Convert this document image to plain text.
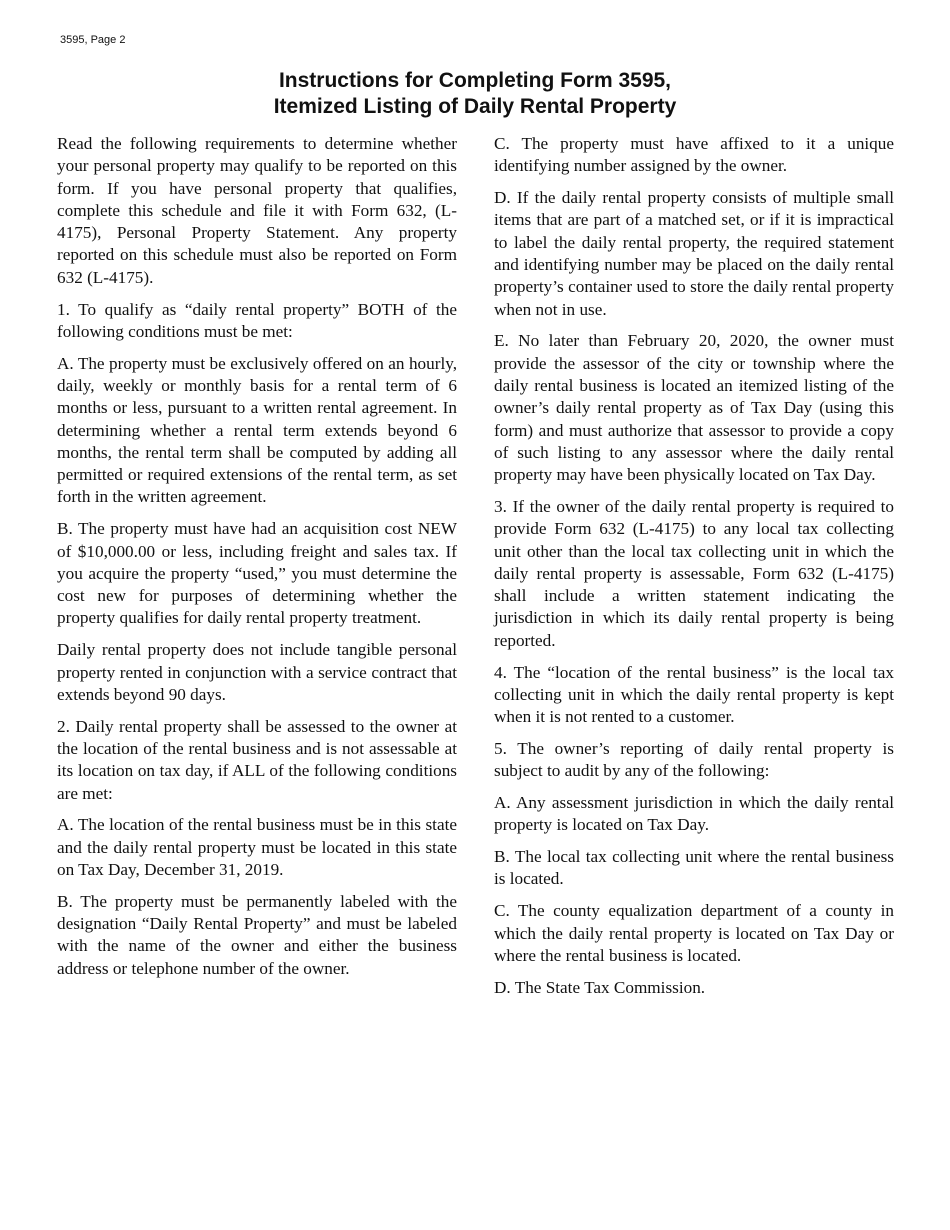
3595, Page 2
Instructions for Completing Form 3595,
Itemized Listing of Daily Rental Property

Read the following requirements to determine whether your personal property may qualify to be reported on this form. If you have personal property that qualifies, complete this schedule and file it with Form 632, (L-4175), Personal Property Statement. Any property reported on this schedule must also be reported on Form 632 (L-4175).

1. To qualify as “daily rental property” BOTH of the following conditions must be met:

A. The property must be exclusively offered on an hourly, daily, weekly or monthly basis for a rental term of 6 months or less, pursuant to a written rental agreement. In determining whether a rental term extends beyond 6 months, the rental term shall be computed by adding all permitted or required extensions of the rental term, as set forth in the written agreement.

B. The property must have had an acquisition cost NEW of $10,000.00 or less, including freight and sales tax. If you acquire the property “used,” you must determine the cost new for purposes of determining whether the property qualifies for daily rental property treatment.

Daily rental property does not include tangible personal property rented in conjunction with a service contract that extends beyond 90 days.

2. Daily rental property shall be assessed to the owner at the location of the rental business and is not assessable at its location on tax day, if ALL of the following conditions are met:

A. The location of the rental business must be in this state and the daily rental property must be located in this state on Tax Day, December 31, 2019.

B. The property must be permanently labeled with the designation “Daily Rental Property” and must be labeled with the name of the owner and either the business address or telephone number of the owner.

C. The property must have affixed to it a unique identifying number assigned by the owner.

D. If the daily rental property consists of multiple small items that are part of a matched set, or if it is impractical to label the daily rental property, the required statement and identifying number may be placed on the daily rental property’s container used to store the daily rental property when not in use.

E. No later than February 20, 2020, the owner must provide the assessor of the city or township where the daily rental business is located an itemized listing of the owner’s daily rental property as of Tax Day (using this form) and must authorize that assessor to provide a copy of such listing to any assessor where the daily rental property may have been physically located on Tax Day.

3. If the owner of the daily rental property is required to provide Form 632 (L-4175) to any local tax collecting unit other than the local tax collecting unit in which the daily rental property is assessable, Form 632 (L-4175) shall include a written statement indicating the jurisdiction in which its daily rental property is being reported.

4. The “location of the rental business” is the local tax collecting unit in which the daily rental property is kept when it is not rented to a customer.

5. The owner’s reporting of daily rental property is subject to audit by any of the following:

A. Any assessment jurisdiction in which the daily rental property is located on Tax Day.

B. The local tax collecting unit where the rental business is located.

C. The county equalization department of a county in which the daily rental property is located on Tax Day or where the rental business is located.

D. The State Tax Commission.
